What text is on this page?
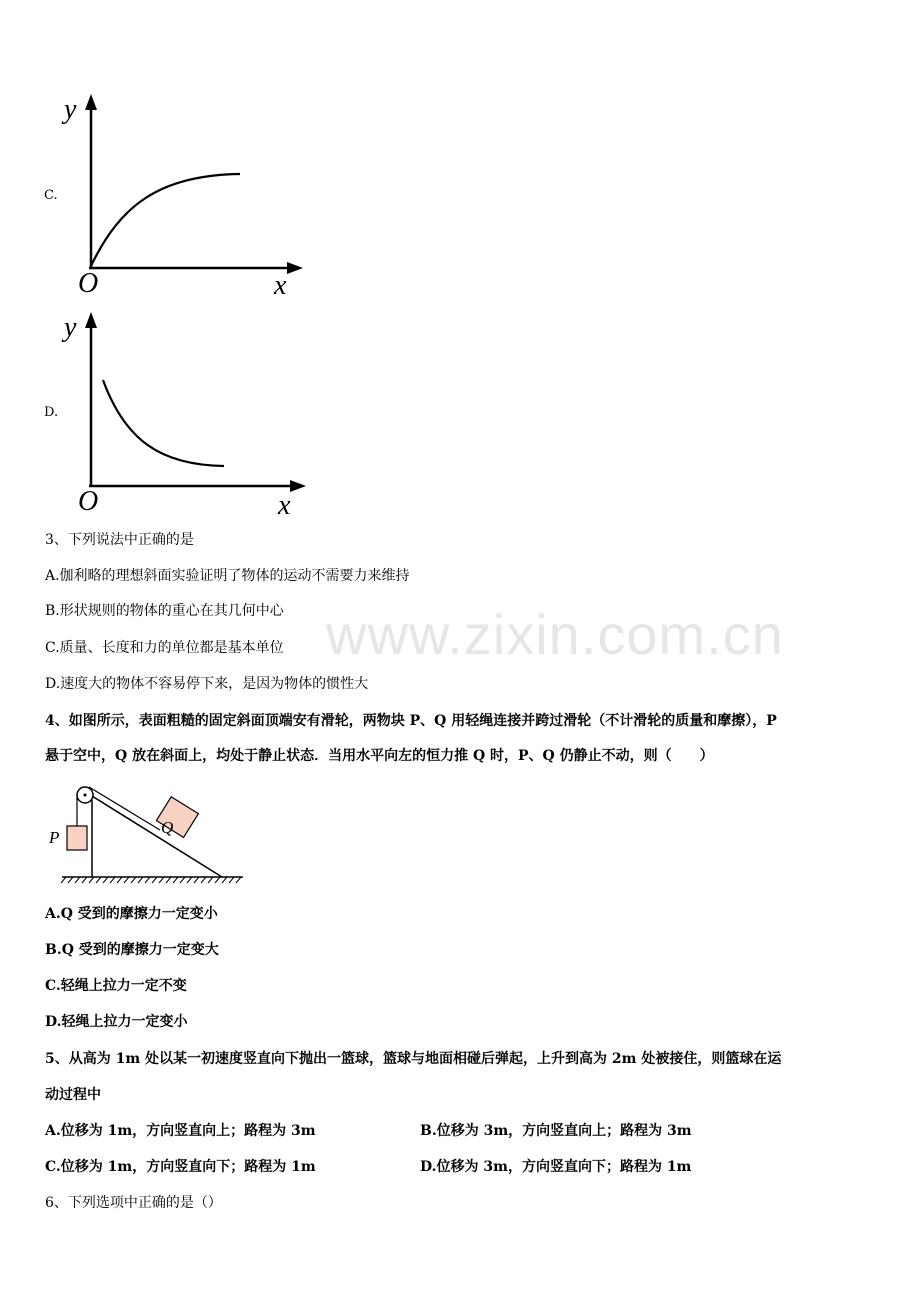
www.zixin.com.cn
C.
y
O	x
D.
y
O	x
3、下列说法中正确的是
A.伽利略的理想斜面实验证明了物体的运动不需要力来维持
B.形状规则的物体的重心在其几何中心
C.质量、长度和力的单位都是基本单位
D.速度大的物体不容易停下来，是因为物体的惯性大
4、如图所示，表面粗糙的固定斜面顶端安有滑轮，两物块 P、Q 用轻绳连接并跨过滑轮（不计滑轮的质量和摩擦），P
悬于空中，Q 放在斜面上，均处于静止状态．当用水平向左的恒力推 Q 时，P、Q 仍静止不动，则（　　）
P
Q
A.Q 受到的摩擦力一定变小
B.Q 受到的摩擦力一定变大
C.轻绳上拉力一定不变
D.轻绳上拉力一定变小
5、从高为 1m 处以某一初速度竖直向下抛出一篮球，篮球与地面相碰后弹起，上升到高为 2m 处被接住，则篮球在运
动过程中
A.位移为 1m，方向竖直向上；路程为 3m	B.位移为 3m，方向竖直向上；路程为 3m
C.位移为 1m，方向竖直向下；路程为 1m	D.位移为 3m，方向竖直向下；路程为 1m
6、下列选项中正确的是（）
